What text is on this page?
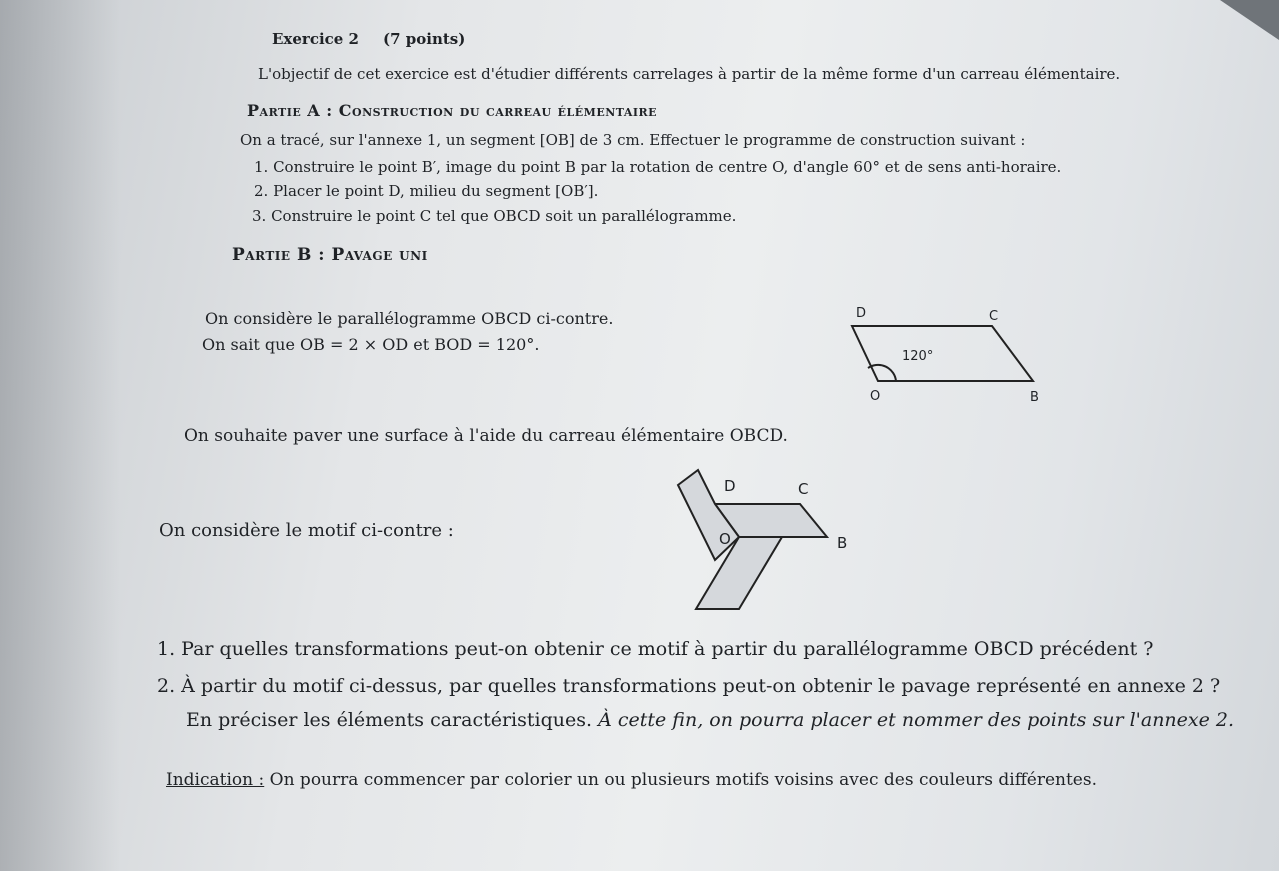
Exercice 2 (7 points)
L'objectif de cet exercice est d'étudier différents carrelages à partir de la même forme d'un carreau élémentaire.
Partie A : Construction du carreau élémentaire
On a tracé, sur l'annexe 1, un segment [OB] de 3 cm. Effectuer le programme de construction suivant :
1. Construire le point B′, image du point B par la rotation de centre O, d'angle 60° et de sens anti-horaire.
2. Placer le point D, milieu du segment [OB′].
3. Construire le point C tel que OBCD soit un parallélogramme.
Partie B : Pavage uni
On considère le parallélogramme OBCD ci-contre.
On sait que OB = 2 × OD et BOD = 120°.
On souhaite paver une surface à l'aide du carreau élémentaire OBCD.
On considère le motif ci-contre :
1. Par quelles transformations peut-on obtenir ce motif à partir du parallélogramme OBCD précédent ?
2. À partir du motif ci-dessus, par quelles transformations peut-on obtenir le pavage représenté en annexe 2 ?
En préciser les éléments caractéristiques. À cette fin, on pourra placer et nommer des points sur l'annexe 2.
Indication : On pourra commencer par colorier un ou plusieurs motifs voisins avec des couleurs différentes.
D	C
O	B
120°
D	C
O	B
